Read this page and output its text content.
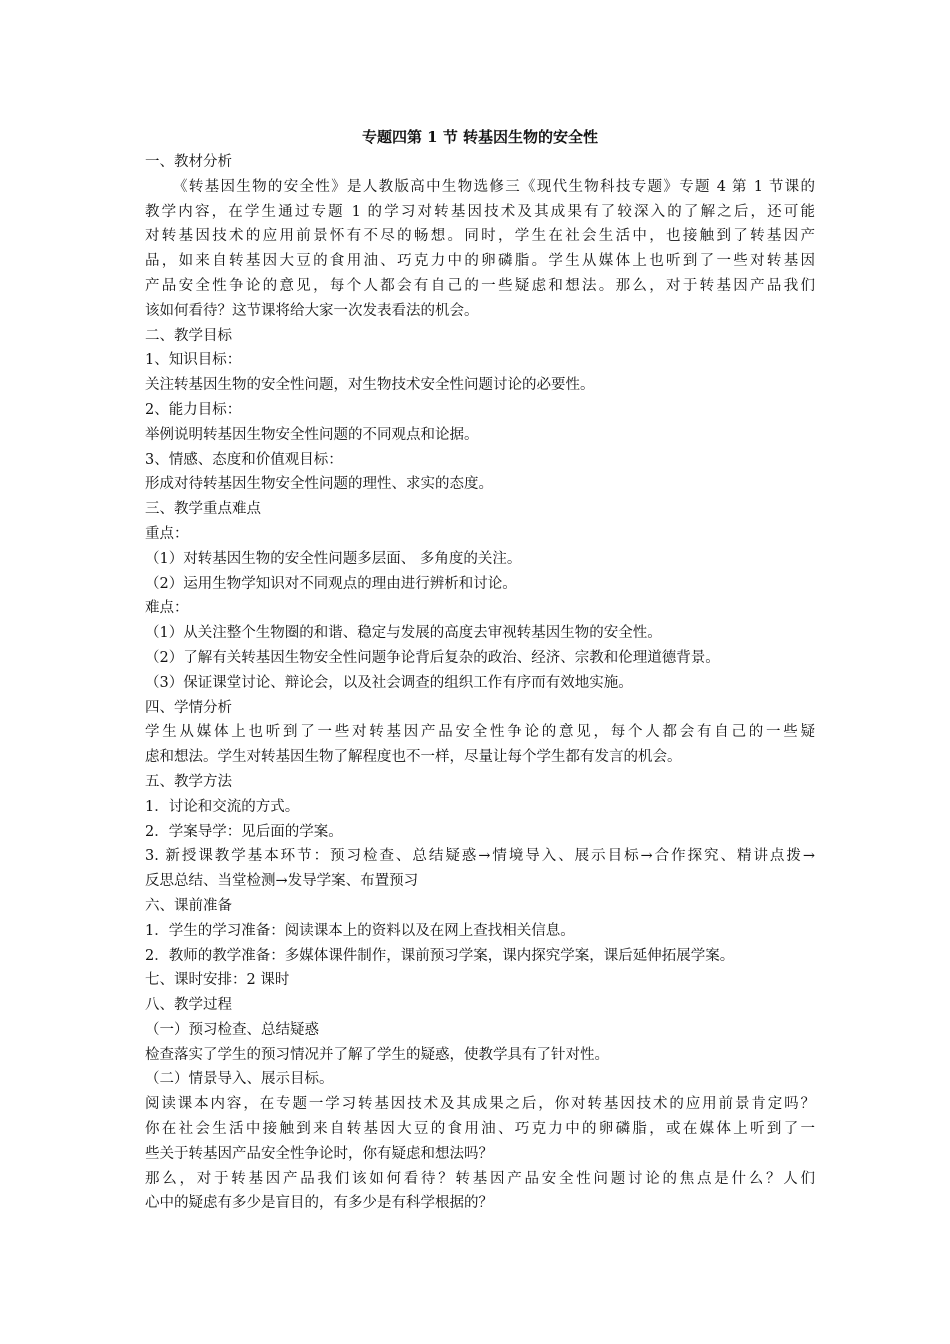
专题四第 1 节 转基因生物的安全性
一、教材分析
《转基因生物的安全性》是人教版高中生物选修三《现代生物科技专题》专题 4 第 1 节课的
教学内容，在学生通过专题 1 的学习对转基因技术及其成果有了较深入的了解之后，还可能
对转基因技术的应用前景怀有不尽的畅想。同时，学生在社会生活中，也接触到了转基因产
品，如来自转基因大豆的食用油、巧克力中的卵磷脂。学生从媒体上也听到了一些对转基因
产品安全性争论的意见，每个人都会有自己的一些疑虑和想法。那么，对于转基因产品我们
该如何看待？这节课将给大家一次发表看法的机会。
二、教学目标
1、知识目标：
关注转基因生物的安全性问题，对生物技术安全性问题讨论的必要性。
2、能力目标：
举例说明转基因生物安全性问题的不同观点和论据。
3、情感、态度和价值观目标：
形成对待转基因生物安全性问题的理性、求实的态度。
三、教学重点难点
重点：
（1）对转基因生物的安全性问题多层面、 多角度的关注。
（2）运用生物学知识对不同观点的理由进行辨析和讨论。
难点：
（1）从关注整个生物圈的和谐、稳定与发展的高度去审视转基因生物的安全性。
（2）了解有关转基因生物安全性问题争论背后复杂的政治、经济、宗教和伦理道德背景。
（3）保证课堂讨论、辩论会，以及社会调查的组织工作有序而有效地实施。
四、学情分析
学生从媒体上也听到了一些对转基因产品安全性争论的意见，每个人都会有自己的一些疑
虑和想法。学生对转基因生物了解程度也不一样，尽量让每个学生都有发言的机会。
五、教学方法
1．讨论和交流的方式。
2．学案导学：见后面的学案。
3. 新授课教学基本环节：预习检查、总结疑惑→情境导入、展示目标→合作探究、精讲点拨→
反思总结、当堂检测→发导学案、布置预习
六、课前准备
1．学生的学习准备：阅读课本上的资料以及在网上查找相关信息。
2．教师的教学准备：多媒体课件制作，课前预习学案，课内探究学案，课后延伸拓展学案。
七、课时安排：2 课时
八、教学过程
（一）预习检查、总结疑惑
检查落实了学生的预习情况并了解了学生的疑惑，使教学具有了针对性。
（二）情景导入、展示目标。
阅读课本内容，在专题一学习转基因技术及其成果之后，你对转基因技术的应用前景肯定吗？
你在社会生活中接触到来自转基因大豆的食用油、巧克力中的卵磷脂，或在媒体上听到了一
些关于转基因产品安全性争论时，你有疑虑和想法吗？
那么，对于转基因产品我们该如何看待？转基因产品安全性问题讨论的焦点是什么？人们
心中的疑虑有多少是盲目的，有多少是有科学根据的？
